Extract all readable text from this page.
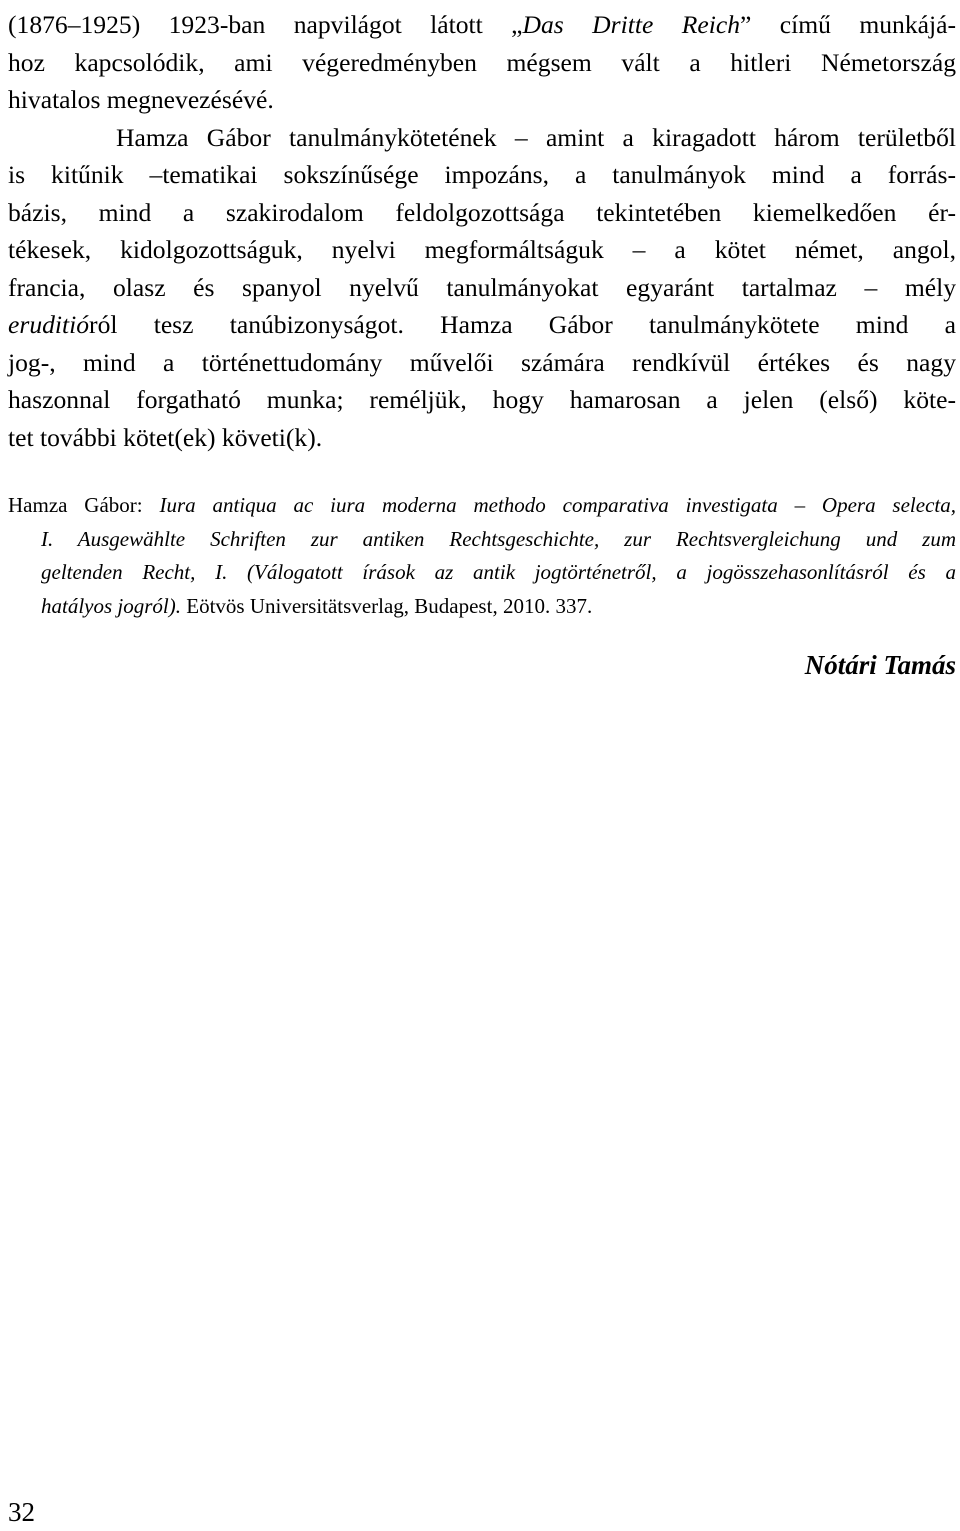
(1876–1925) 1923-ban napvilágot látott „Das Dritte Reich” című munkájá-
hoz kapcsolódik, ami végeredményben mégsem vált a hitleri Németország
hivatalos megnevezésévé.

Hamza Gábor tanulmánykötetének – amint a kiragadott három területből
is kitűnik –tematikai sokszínűsége impozáns, a tanulmányok mind a forrás-
bázis, mind a szakirodalom feldolgozottsága tekintetében kiemelkedően ér-
tékesek, kidolgozottságuk, nyelvi megformáltságuk – a kötet német, angol,
francia, olasz és spanyol nyelvű tanulmányokat egyaránt tartalmaz – mély
eruditióról tesz tanúbizonyságot. Hamza Gábor tanulmánykötete mind a
jog-, mind a történettudomány művelői számára rendkívül értékes és nagy
haszonnal forgatható munka; reméljük, hogy hamarosan a jelen (első) köte-
tet további kötet(ek) követi(k).

Hamza Gábor: Iura antiqua ac iura moderna methodo comparativa investigata – Opera selecta,
I. Ausgewählte Schriften zur antiken Rechtsgeschichte, zur Rechtsvergleichung und zum
geltenden Recht, I. (Válogatott írások az antik jogtörténetről, a jogösszehasonlításról és a
hatályos jogról). Eötvös Universitätsverlag, Budapest, 2010. 337.

Nótári Tamás

32
